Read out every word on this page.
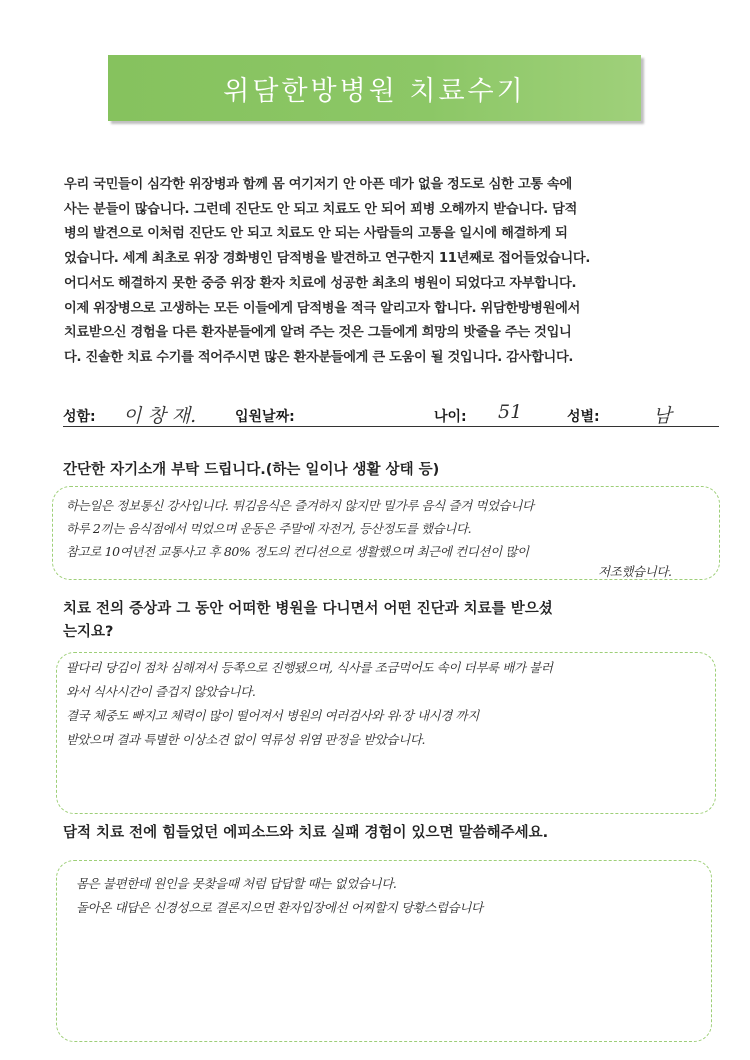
위담한방병원 치료수기

우리 국민들이 심각한 위장병과 함께 몸 여기저기 안 아픈 데가 없을 정도로 심한 고통 속에

사는 분들이 많습니다. 그런데 진단도 안 되고 치료도 안 되어 꾀병 오해까지 받습니다. 담적

병의 발견으로 이처럼 진단도 안 되고 치료도 안 되는 사람들의 고통을 일시에 해결하게 되

었습니다. 세계 최초로 위장 경화병인 담적병을 발견하고 연구한지 11년째로 접어들었습니다.

어디서도 해결하지 못한 중증 위장 환자 치료에 성공한 최초의 병원이 되었다고 자부합니다.

이제 위장병으로 고생하는 모든 이들에게 담적병을 적극 알리고자 합니다. 위담한방병원에서

치료받으신 경험을 다른 환자분들에게 알려 주는 것은 그들에게 희망의 밧줄을 주는 것입니

다. 진솔한 치료 수기를 적어주시면 많은 환자분들에게 큰 도움이 될 것입니다. 감사합니다.

성함: 이 창 재.	입원날짜:	나이: 51	성별:	남

간단한 자기소개 부탁 드립니다.(하는 일이나 생활 상태 등)

하는일은 정보통신 강사입니다. 튀김음식은 즐겨하지 않지만 밀가루 음식 즐겨 먹었습니다
하루 2끼는 음식점에서 먹었으며 운동은 주말에 자전거, 등산정도를 했습니다.
참고로 10여년전 교통사고 후 80% 정도의 컨디션으로 생활했으며 최근에 컨디션이 많이
저조했습니다.

치료 전의 증상과 그 동안 어떠한 병원을 다니면서 어떤 진단과 치료를 받으셨

는지요?

팔다리 당김이 점차 심해져서 등쪽으로 진행됐으며, 식사를 조금먹어도 속이 더부룩 배가 불러
와서 식사시간이 즐겁지 않았습니다.
결국 체중도 빠지고 체력이 많이 떨어져서 병원의 여러검사와 위·장 내시경 까지
받았으며 결과 특별한 이상소견 없이 역류성 위염 판정을 받았습니다.

담적 치료 전에 힘들었던 에피소드와 치료 실패 경험이 있으면 말씀해주세요.

몸은 불편한데 원인을 못찾을때 처럼 답답할 때는 없었습니다.
돌아온 대답은 신경성으로 결론지으면 환자입장에선 어찌할지 당황스럽습니다
